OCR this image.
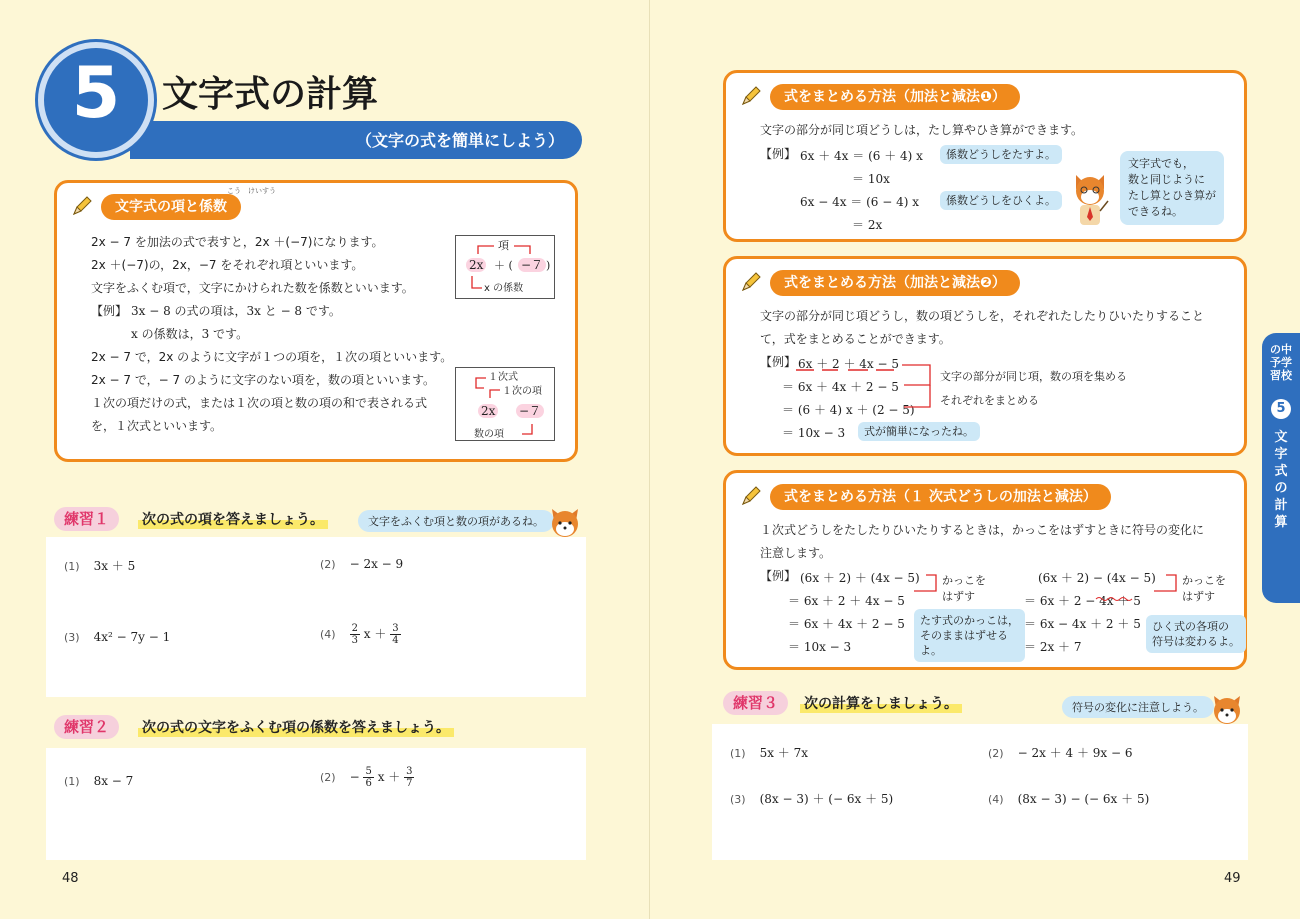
（文字の式を簡単にしよう）
5	文字式の計算
文字式の項と係数
こう　けいすう
2x − 7 を加法の式で表すと，2x ＋(−7)になります。
2x ＋(−7)の，2x，−7 をそれぞれ項といいます。
文字をふくむ項で，文字にかけられた数を係数といいます。
【例】 3x − 8 の式の項は，3x と − 8 です。
x の係数は，3 です。
2x − 7 で，2x のように文字が１つの項を，１次の項といいます。
2x − 7 で，− 7 のように文字のない項を，数の項といいます。
１次の項だけの式，または１次の項と数の項の和で表される式
を，１次式といいます。
項
2x ＋ ( −７ )
x の係数
１次式
１次の項
2x −７
数の項
練習１	次の式の項を答えましょう。	文字をふくむ項と数の項があるね。
(1) 3x ＋ 5	(2) − 2x − 9
(3) 4x² − 7y − 1	$(4) \frac{2}{3}$ $x + \frac{3}{4}$
練習２	次の式の文字をふくむ項の係数を答えましょう。
(1) 8x − 7	$(2) - \frac{5}{6}$ $x + \frac{3}{7}$
48
式をまとめる方法（加法と減法❶）
文字の部分が同じ項どうしは，たし算やひき算ができます。
【例】 6x ＋ 4x ＝ (6 ＋ 4) x
＝ 10x
6x − 4x ＝ (6 − 4) x
＝ 2x
係数どうしをたすよ。
係数どうしをひくよ。
文字式でも，
数と同じように
たし算とひき算が
できるね。
式をまとめる方法（加法と減法❷）
文字の部分が同じ項どうし，数の項どうしを，それぞれたしたりひいたりすること
て，式をまとめることができます。
【例】 6x ＋ 2 ＋ 4x − 5
＝ 6x ＋ 4x ＋ 2 − 5
＝ (6 ＋ 4) x ＋ (2 − 5)
＝ 10x − 3
文字の部分が同じ項，数の項を集める
それぞれをまとめる
式が簡単になったね。
式をまとめる方法（１ 次式どうしの加法と減法）
１次式どうしをたしたりひいたりするときは，かっこをはずすときに符号の変化に
注意します。
【例】 (6x ＋ 2) ＋ (4x − 5)
＝ 6x ＋ 2 ＋ 4x − 5
＝ 6x ＋ 4x ＋ 2 − 5
＝ 10x − 3
かっこを
はずす
たす式のかっこは，
そのままはずせる
よ。
(6x ＋ 2) − (4x − 5)
＝ 6x ＋ 2 − 4x ＋ 5
＝ 6x − 4x ＋ 2 ＋ 5
＝ 2x ＋ 7
かっこを
はずす
ひく式の各項の
符号は変わるよ。
練習３	次の計算をしましょう。	符号の変化に注意しよう。
(1) 5x ＋ 7x	(2) − 2x ＋ 4 ＋ 9x − 6
(3) (8x − 3) ＋ (− 6x ＋ 5)	(4) (8x − 3) − (− 6x ＋ 5)
49
の中
予学
習校
5
文字式の計算
